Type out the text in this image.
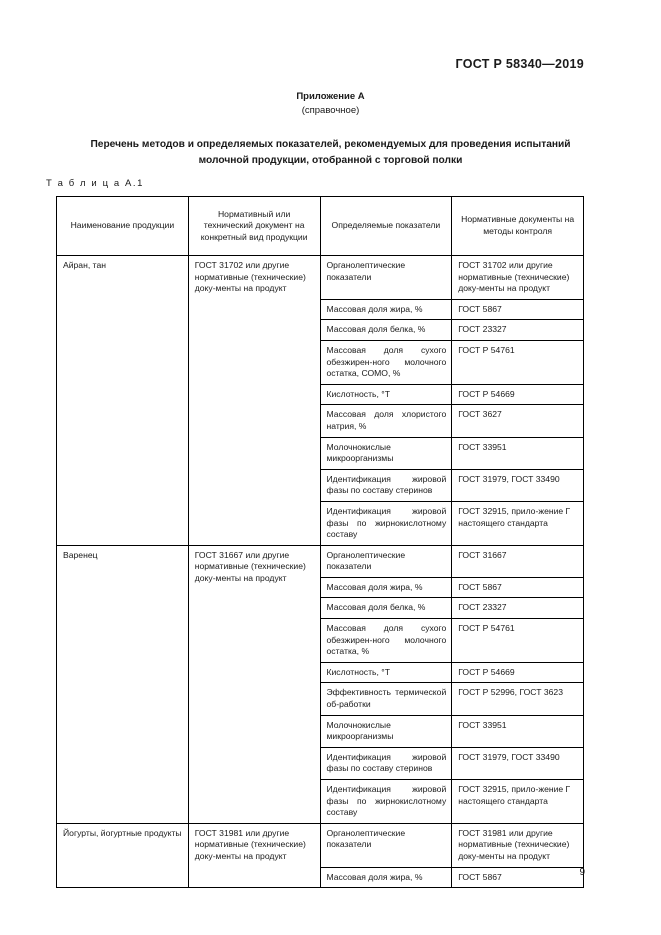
ГОСТ Р 58340—2019
Приложение А
(справочное)
Перечень методов и определяемых показателей, рекомендуемых для проведения испытаний
молочной продукции, отобранной с торговой полки
Т а б л и ц а А.1
Наименование продукции	Нормативный или технический документ на конкретный вид продукции	Определяемые показатели	Нормативные документы на методы контроля
Айран, тан	ГОСТ 31702 или другие нормативные (технические) доку-менты на продукт	Органолептические показатели	ГОСТ 31702 или другие нормативные (технические) доку-менты на продукт
		Массовая доля жира, %	ГОСТ 5867
		Массовая доля белка, %	ГОСТ 23327
		Массовая доля сухого обезжирен-ного молочного остатка, СОМО, %	ГОСТ Р 54761
		Кислотность, °Т	ГОСТ Р 54669
		Массовая доля хлористого натрия, %	ГОСТ 3627
		Молочнокислые микроорганизмы	ГОСТ 33951
		Идентификация жировой фазы по составу стеринов	ГОСТ 31979, ГОСТ 33490
		Идентификация жировой фазы по жирнокислотному составу	ГОСТ 32915, прило-жение Г настоящего стандарта
Варенец	ГОСТ 31667 или другие нормативные (технические) доку-менты на продукт	Органолептические показатели	ГОСТ 31667
		Массовая доля жира, %	ГОСТ 5867
		Массовая доля белка, %	ГОСТ 23327
		Массовая доля сухого обезжирен-ного молочного остатка, %	ГОСТ Р 54761
		Кислотность, °Т	ГОСТ Р 54669
		Эффективность термической об-работки	ГОСТ Р 52996, ГОСТ 3623
		Молочнокислые микроорганизмы	ГОСТ 33951
		Идентификация жировой фазы по составу стеринов	ГОСТ 31979, ГОСТ 33490
		Идентификация жировой фазы по жирнокислотному составу	ГОСТ 32915, прило-жение Г настоящего стандарта
Йогурты, йогуртные продукты	ГОСТ 31981 или другие нормативные (технические) доку-менты на продукт	Органолептические показатели	ГОСТ 31981 или другие нормативные (технические) доку-менты на продукт
		Массовая доля жира, %	ГОСТ 5867	9
